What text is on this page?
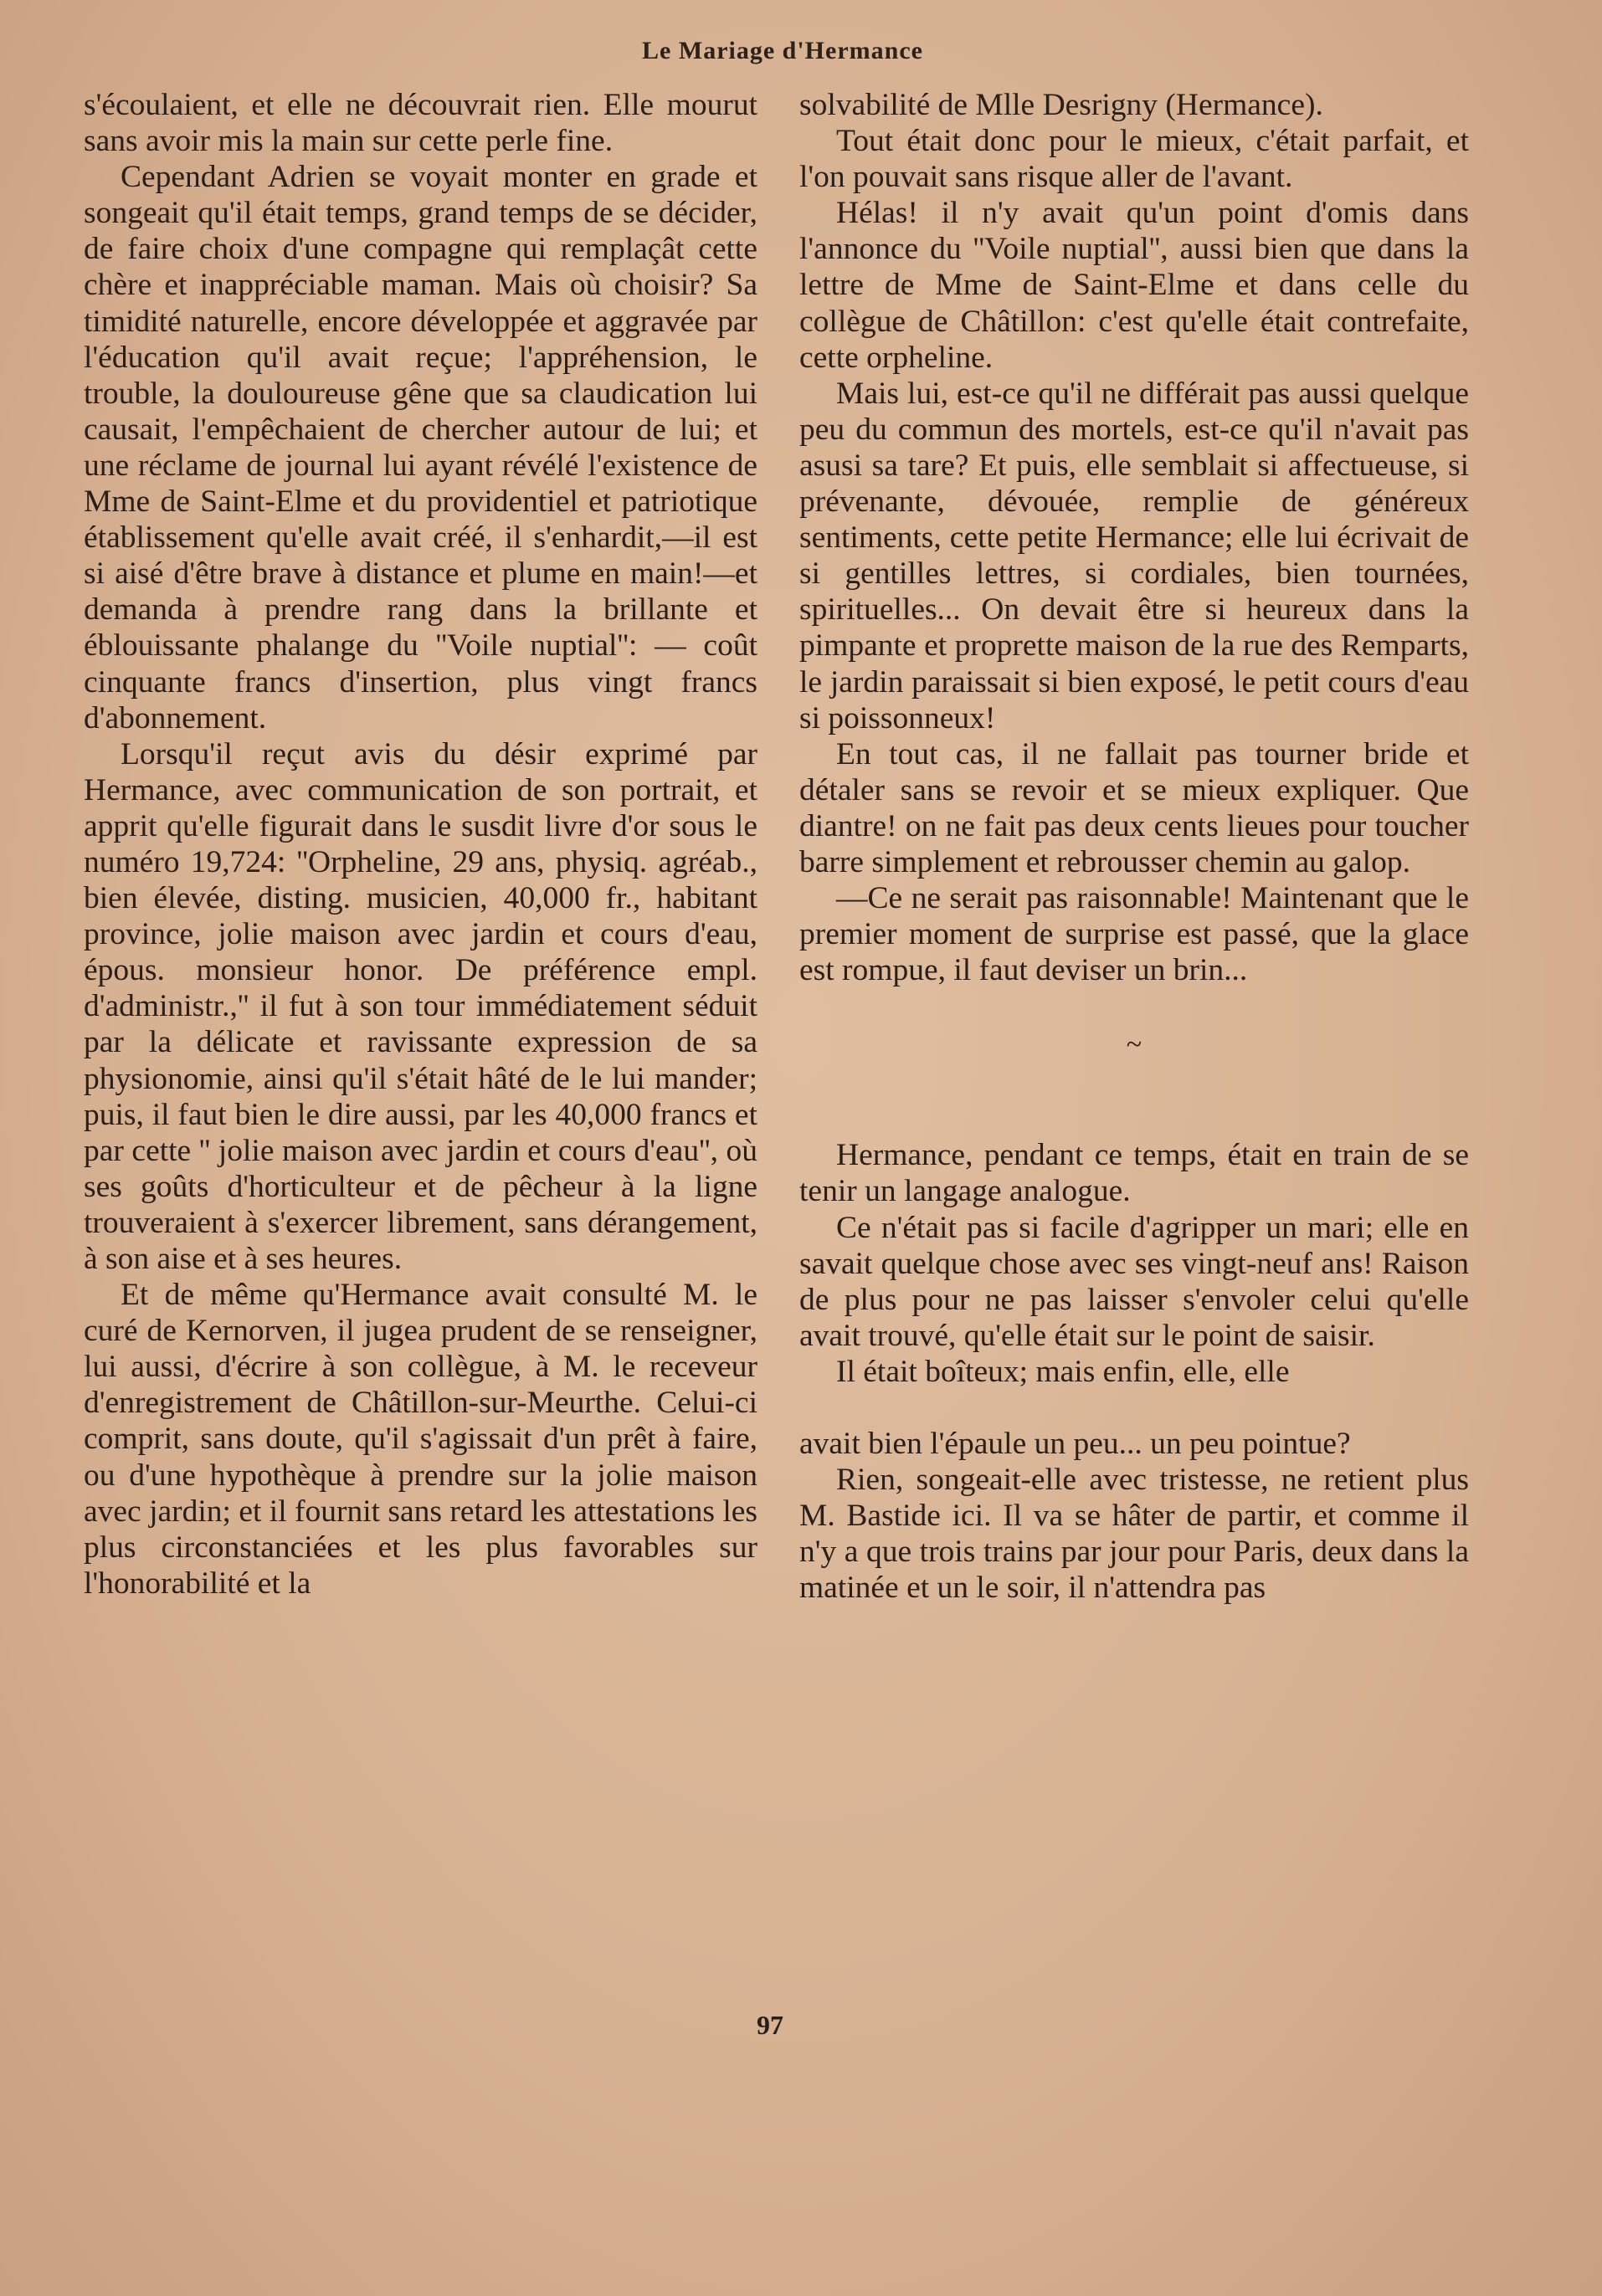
Le Mariage d'Hermance

s'écoulaient, et elle ne découvrait rien. Elle mourut sans avoir mis la main sur cette perle fine.

Cependant Adrien se voyait monter en grade et songeait qu'il était temps, grand temps de se décider, de faire choix d'une compagne qui remplaçât cette chère et inappréciable maman. Mais où choisir? Sa timidité naturelle, encore développée et aggravée par l'éducation qu'il avait reçue; l'appréhension, le trouble, la douloureuse gêne que sa claudication lui causait, l'empêchaient de chercher autour de lui; et une réclame de journal lui ayant révélé l'existence de Mme de Saint-Elme et du providentiel et patriotique établissement qu'elle avait créé, il s'enhardit,—il est si aisé d'être brave à distance et plume en main!—et demanda à prendre rang dans la brillante et éblouissante phalange du ''Voile nuptial'': — coût cinquante francs d'insertion, plus vingt francs d'abonnement.

Lorsqu'il reçut avis du désir exprimé par Hermance, avec communication de son portrait, et apprit qu'elle figurait dans le susdit livre d'or sous le numéro 19,724: ''Orpheline, 29 ans, physiq. agréab., bien élevée, disting. musicien, 40,000 fr., habitant province, jolie maison avec jardin et cours d'eau, épous. monsieur honor. De préférence empl. d'administr.,'' il fut à son tour immédiatement séduit par la délicate et ravissante expression de sa physionomie, ainsi qu'il s'était hâté de le lui mander; puis, il faut bien le dire aussi, par les 40,000 francs et par cette '' jolie maison avec jardin et cours d'eau'', où ses goûts d'horticulteur et de pêcheur à la ligne trouveraient à s'exercer librement, sans dérangement, à son aise et à ses heures.

Et de même qu'Hermance avait consulté M. le curé de Kernorven, il jugea prudent de se renseigner, lui aussi, d'écrire à son collègue, à M. le receveur d'enregistrement de Châtillon-sur-Meurthe. Celui-ci comprit, sans doute, qu'il s'agissait d'un prêt à faire, ou d'une hypothèque à prendre sur la jolie maison avec jardin; et il fournit sans retard les attestations les plus circonstanciées et les plus favorables sur l'honorabilité et la

solvabilité de Mlle Desrigny (Hermance).

Tout était donc pour le mieux, c'était parfait, et l'on pouvait sans risque aller de l'avant.

Hélas! il n'y avait qu'un point d'omis dans l'annonce du ''Voile nuptial'', aussi bien que dans la lettre de Mme de Saint-Elme et dans celle du collègue de Châtillon: c'est qu'elle était contrefaite, cette orpheline.

Mais lui, est-ce qu'il ne différait pas aussi quelque peu du commun des mortels, est-ce qu'il n'avait pas asusi sa tare? Et puis, elle semblait si affectueuse, si prévenante, dévouée, remplie de généreux sentiments, cette petite Hermance; elle lui écrivait de si gentilles lettres, si cordiales, bien tournées, spirituelles... On devait être si heureux dans la pimpante et proprette maison de la rue des Remparts, le jardin paraissait si bien exposé, le petit cours d'eau si poissonneux!

En tout cas, il ne fallait pas tourner bride et détaler sans se revoir et se mieux expliquer. Que diantre! on ne fait pas deux cents lieues pour toucher barre simplement et rebrousser chemin au galop.

—Ce ne serait pas raisonnable! Maintenant que le premier moment de surprise est passé, que la glace est rompue, il faut deviser un brin...

~

Hermance, pendant ce temps, était en train de se tenir un langage analogue.

Ce n'était pas si facile d'agripper un mari; elle en savait quelque chose avec ses vingt-neuf ans! Raison de plus pour ne pas laisser s'envoler celui qu'elle avait trouvé, qu'elle était sur le point de saisir.

Il était boîteux; mais enfin, elle, elle

avait bien l'épaule un peu... un peu pointue?

Rien, songeait-elle avec tristesse, ne retient plus M. Bastide ici. Il va se hâter de partir, et comme il n'y a que trois trains par jour pour Paris, deux dans la matinée et un le soir, il n'attendra pas

97
